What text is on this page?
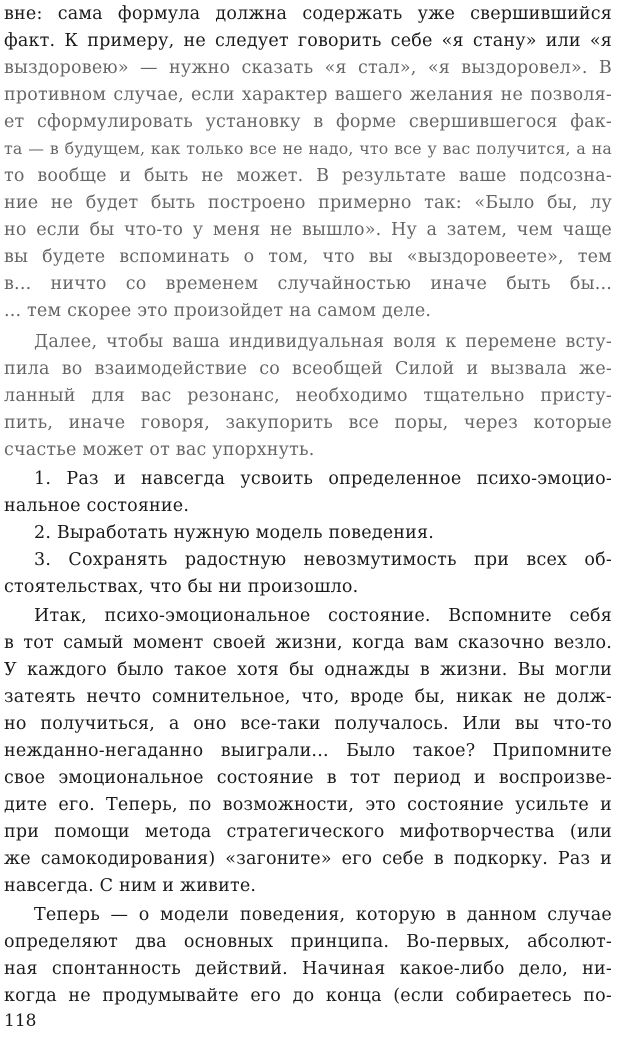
вне: сама формула должна содержать уже свершившийся
факт. К примеру, не следует говорить себе «я стану» или «я
выздоровею» — нужно сказать «я стал», «я выздоровел». В
противном случае, если характер вашего желания не позволя-
ет сформулировать установку в форме свершившегося фак-
та — в будущем, как только все не надо, что все у вас получится, а на
то вообще и быть не может. В результате ваше подсозна-
ние не будет быть построено примерно так: «Было бы, лу
но если бы что-то у меня не вышло». Ну а затем, чем чаще
вы будете вспоминать о том, что вы «выздоровеете», тем
в... ничто со временем случайностью иначе быть бы...
... тем скорее это произойдет на самом деле.
Далее, чтобы ваша индивидуальная воля к перемене всту-
пила во взаимодействие со всеобщей Силой и вызвала же-
ланный для вас резонанс, необходимо тщательно присту-
пить, иначе говоря, закупорить все поры, через которые
счастье может от вас упорхнуть.
1. Раз и навсегда усвоить определенное психо-эмоцио-
нальное состояние.
2. Выработать нужную модель поведения.
3. Сохранять радостную невозмутимость при всех об-
стоятельствах, что бы ни произошло.
Итак, психо-эмоциональное состояние. Вспомните себя
в тот самый момент своей жизни, когда вам сказочно везло.
У каждого было такое хотя бы однажды в жизни. Вы могли
затеять нечто сомнительное, что, вроде бы, никак не долж-
но получиться, а оно все-таки получалось. Или вы что-то
нежданно-негаданно выиграли... Было такое? Припомните
свое эмоциональное состояние в тот период и воспроизве-
дите его. Теперь, по возможности, это состояние усильте и
при помощи метода стратегического мифотворчества (или
же самокодирования) «загоните» его себе в подкорку. Раз и
навсегда. С ним и живите.
Теперь — о модели поведения, которую в данном случае
определяют два основных принципа. Во-первых, абсолют-
ная спонтанность действий. Начиная какое-либо дело, ни-
когда не продумывайте его до конца (если собираетесь по-
118
